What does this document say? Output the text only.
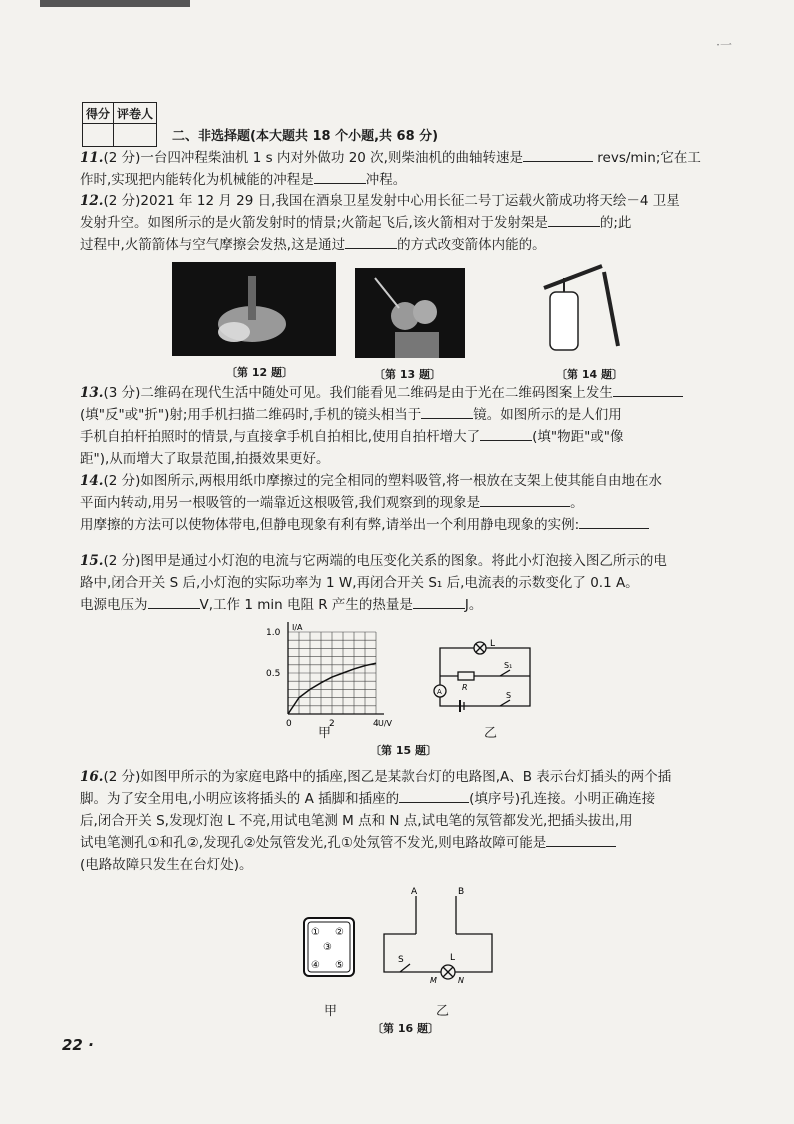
·一
得分	评卷人

二、非选择题(本大题共 18 个小题,共 68 分)
11.(2 分)一台四冲程柴油机 1 s 内对外做功 20 次,则柴油机的曲轴转速是	revs/min;它在工
作时,实现把内能转化为机械能的冲程是	冲程。
12.(2 分)2021 年 12 月 29 日,我国在酒泉卫星发射中心用长征二号丁运载火箭成功将天绘－4 卫星
发射升空。如图所示的是火箭发射时的情景;火箭起飞后,该火箭相对于发射架是	的;此
过程中,火箭箭体与空气摩擦会发热,这是通过	的方式改变箭体内能的。
〔第 12 题〕	〔第 13 题〕	〔第 14 题〕
13.(3 分)二维码在现代生活中随处可见。我们能看见二维码是由于光在二维码图案上发生
(填"反"或"折")射;用手机扫描二维码时,手机的镜头相当于	镜。如图所示的是人们用
手机自拍杆拍照时的情景,与直接拿手机自拍相比,使用自拍杆增大了	(填"物距"或"像
距"),从而增大了取景范围,拍摄效果更好。
14.(2 分)如图所示,两根用纸巾摩擦过的完全相同的塑料吸管,将一根放在支架上使其能自由地在水
平面内转动,用另一根吸管的一端靠近这根吸管,我们观察到的现象是	。
用摩擦的方法可以使物体带电,但静电现象有利有弊,请举出一个利用静电现象的实例:
15.(2 分)图甲是通过小灯泡的电流与它两端的电压变化关系的图象。将此小灯泡接入图乙所示的电
路中,闭合开关 S 后,小灯泡的实际功率为 1 W,再闭合开关 S₁ 后,电流表的示数变化了 0.1 A。
电源电压为	V,工作 1 min 电阻 R 产生的热量是	J。
0	2	4
0.5
1.0
I/A
U/V
L
S₁
R
A	S
乙
甲
〔第 15 题〕
16.(2 分)如图甲所示的为家庭电路中的插座,图乙是某款台灯的电路图,A、B 表示台灯插头的两个插
脚。为了安全用电,小明应该将插头的 A 插脚和插座的	(填序号)孔连接。小明正确连接
后,闭合开关 S,发现灯泡 L 不亮,用试电笔测 M 点和 N 点,试电笔的氖管都发光,把插头拔出,用
试电笔测孔①和孔②,发现孔②处氖管发光,孔①处氖管不发光,则电路故障可能是
(电路故障只发生在台灯处)。
① ②
③
④ ⑤
甲
A	B
S	L
M	N
乙
〔第 16 题〕
22 ·
